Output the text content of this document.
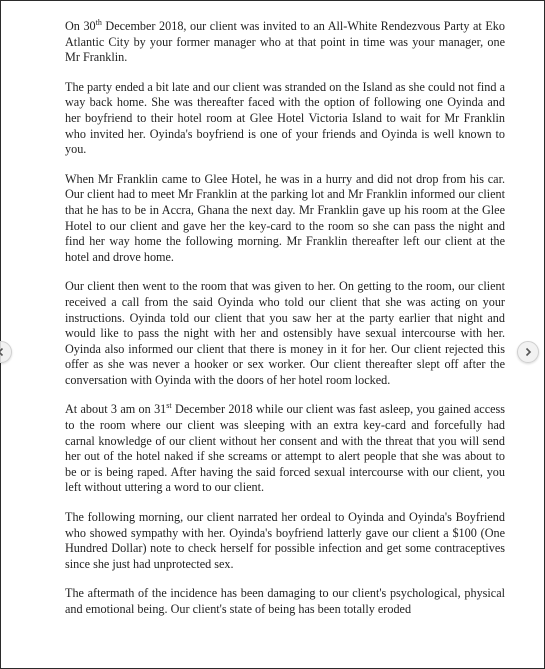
On 30th December 2018, our client was invited to an All-White Rendezvous Party at Eko Atlantic City by your former manager who at that point in time was your manager, one Mr Franklin.

The party ended a bit late and our client was stranded on the Island as she could not find a way back home. She was thereafter faced with the option of following one Oyinda and her boyfriend to their hotel room at Glee Hotel Victoria Island to wait for Mr Franklin who invited her. Oyinda's boyfriend is one of your friends and Oyinda is well known to you.

When Mr Franklin came to Glee Hotel, he was in a hurry and did not drop from his car. Our client had to meet Mr Franklin at the parking lot and Mr Franklin informed our client that he has to be in Accra, Ghana the next day. Mr Franklin gave up his room at the Glee Hotel to our client and gave her the key-card to the room so she can pass the night and find her way home the following morning. Mr Franklin thereafter left our client at the hotel and drove home.

Our client then went to the room that was given to her. On getting to the room, our client received a call from the said Oyinda who told our client that she was acting on your instructions. Oyinda told our client that you saw her at the party earlier that night and would like to pass the night with her and ostensibly have sexual intercourse with her. Oyinda also informed our client that there is money in it for her. Our client rejected this offer as she was never a hooker or sex worker. Our client thereafter slept off after the conversation with Oyinda with the doors of her hotel room locked.

At about 3 am on 31st December 2018 while our client was fast asleep, you gained access to the room where our client was sleeping with an extra key-card and forcefully had carnal knowledge of our client without her consent and with the threat that you will send her out of the hotel naked if she screams or attempt to alert people that she was about to be or is being raped. After having the said forced sexual intercourse with our client, you left without uttering a word to our client.

The following morning, our client narrated her ordeal to Oyinda and Oyinda's Boyfriend who showed sympathy with her. Oyinda's boyfriend latterly gave our client a $100 (One Hundred Dollar) note to check herself for possible infection and get some contraceptives since she just had unprotected sex.

The aftermath of the incidence has been damaging to our client's psychological, physical and emotional being. Our client's state of being has been totally eroded
